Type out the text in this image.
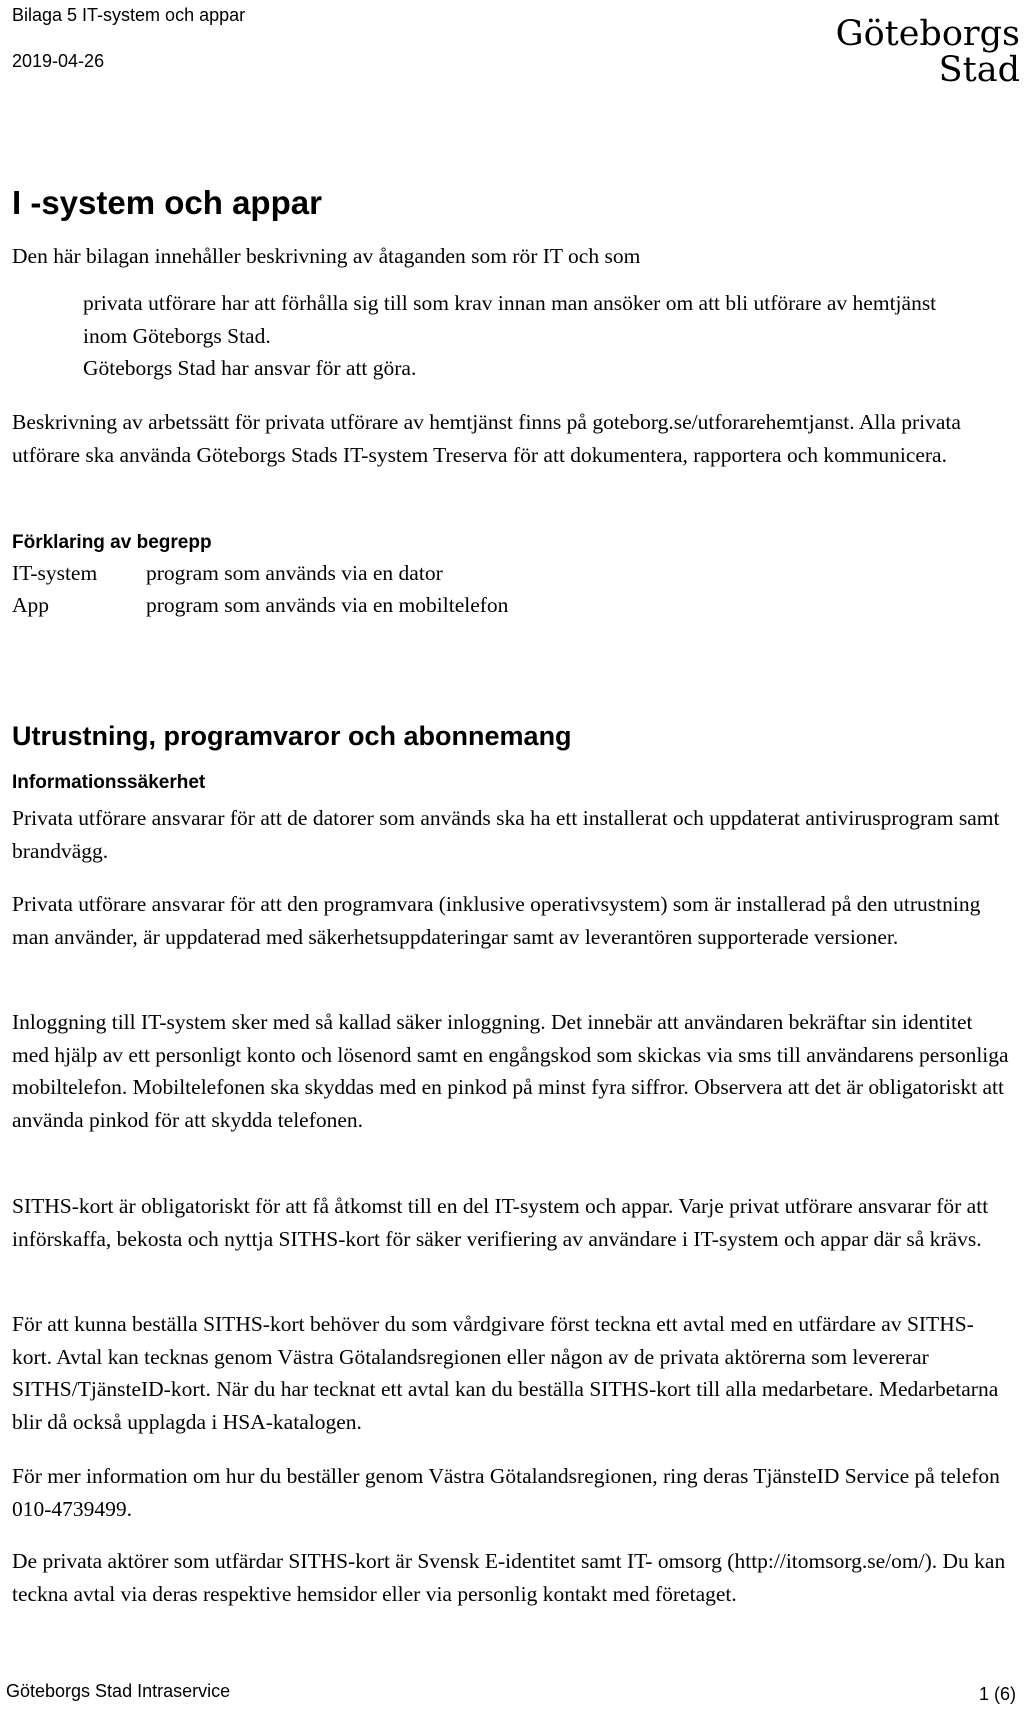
Bilaga 5 IT-system och appar
2019-04-26
Göteborgs
Stad
I -system och appar

Den här bilagan innehåller beskrivning av åtaganden som rör IT och som

privata utförare har att förhålla sig till som krav innan man ansöker om att bli utförare av hemtjänst inom Göteborgs Stad.

Göteborgs Stad har ansvar för att göra.

Beskrivning av arbetssätt för privata utförare av hemtjänst finns på goteborg.se/utforarehemtjanst. Alla privata utförare ska använda Göteborgs Stads IT-system Treserva för att dokumentera, rapportera och kommunicera.

Förklaring av begrepp
IT-system	program som används via en dator
App	program som används via en mobiltelefon
Utrustning, programvaror och abonnemang
Informationssäkerhet

Privata utförare ansvarar för att de datorer som används ska ha ett installerat och uppdaterat antivirusprogram samt brandvägg.

Privata utförare ansvarar för att den programvara (inklusive operativsystem) som är installerad på den utrustning man använder, är uppdaterad med säkerhetsuppdateringar samt av leverantören supporterade versioner.

Inloggning till IT-system sker med så kallad säker inloggning. Det innebär att användaren bekräftar sin identitet med hjälp av ett personligt konto och lösenord samt en engångskod som skickas via sms till användarens personliga mobiltelefon. Mobiltelefonen ska skyddas med en pinkod på minst fyra siffror. Observera att det är obligatoriskt att använda pinkod för att skydda telefonen.

SITHS-kort är obligatoriskt för att få åtkomst till en del IT-system och appar. Varje privat utförare ansvarar för att införskaffa, bekosta och nyttja SITHS-kort för säker verifiering av användare i IT-system och appar där så krävs.

För att kunna beställa SITHS-kort behöver du som vårdgivare först teckna ett avtal med en utfärdare av SITHS-kort. Avtal kan tecknas genom Västra Götalandsregionen eller någon av de privata aktörerna som levererar SITHS/TjänsteID-kort. När du har tecknat ett avtal kan du beställa SITHS-kort till alla medarbetare. Medarbetarna blir då också upplagda i HSA-katalogen.

För mer information om hur du beställer genom Västra Götalandsregionen, ring deras TjänsteID Service på telefon 010-4739499.

De privata aktörer som utfärdar SITHS-kort är Svensk E-identitet samt IT- omsorg (http://itomsorg.se/om/). Du kan teckna avtal via deras respektive hemsidor eller via personlig kontakt med företaget.

Göteborgs Stad Intraservice	1 (6)
